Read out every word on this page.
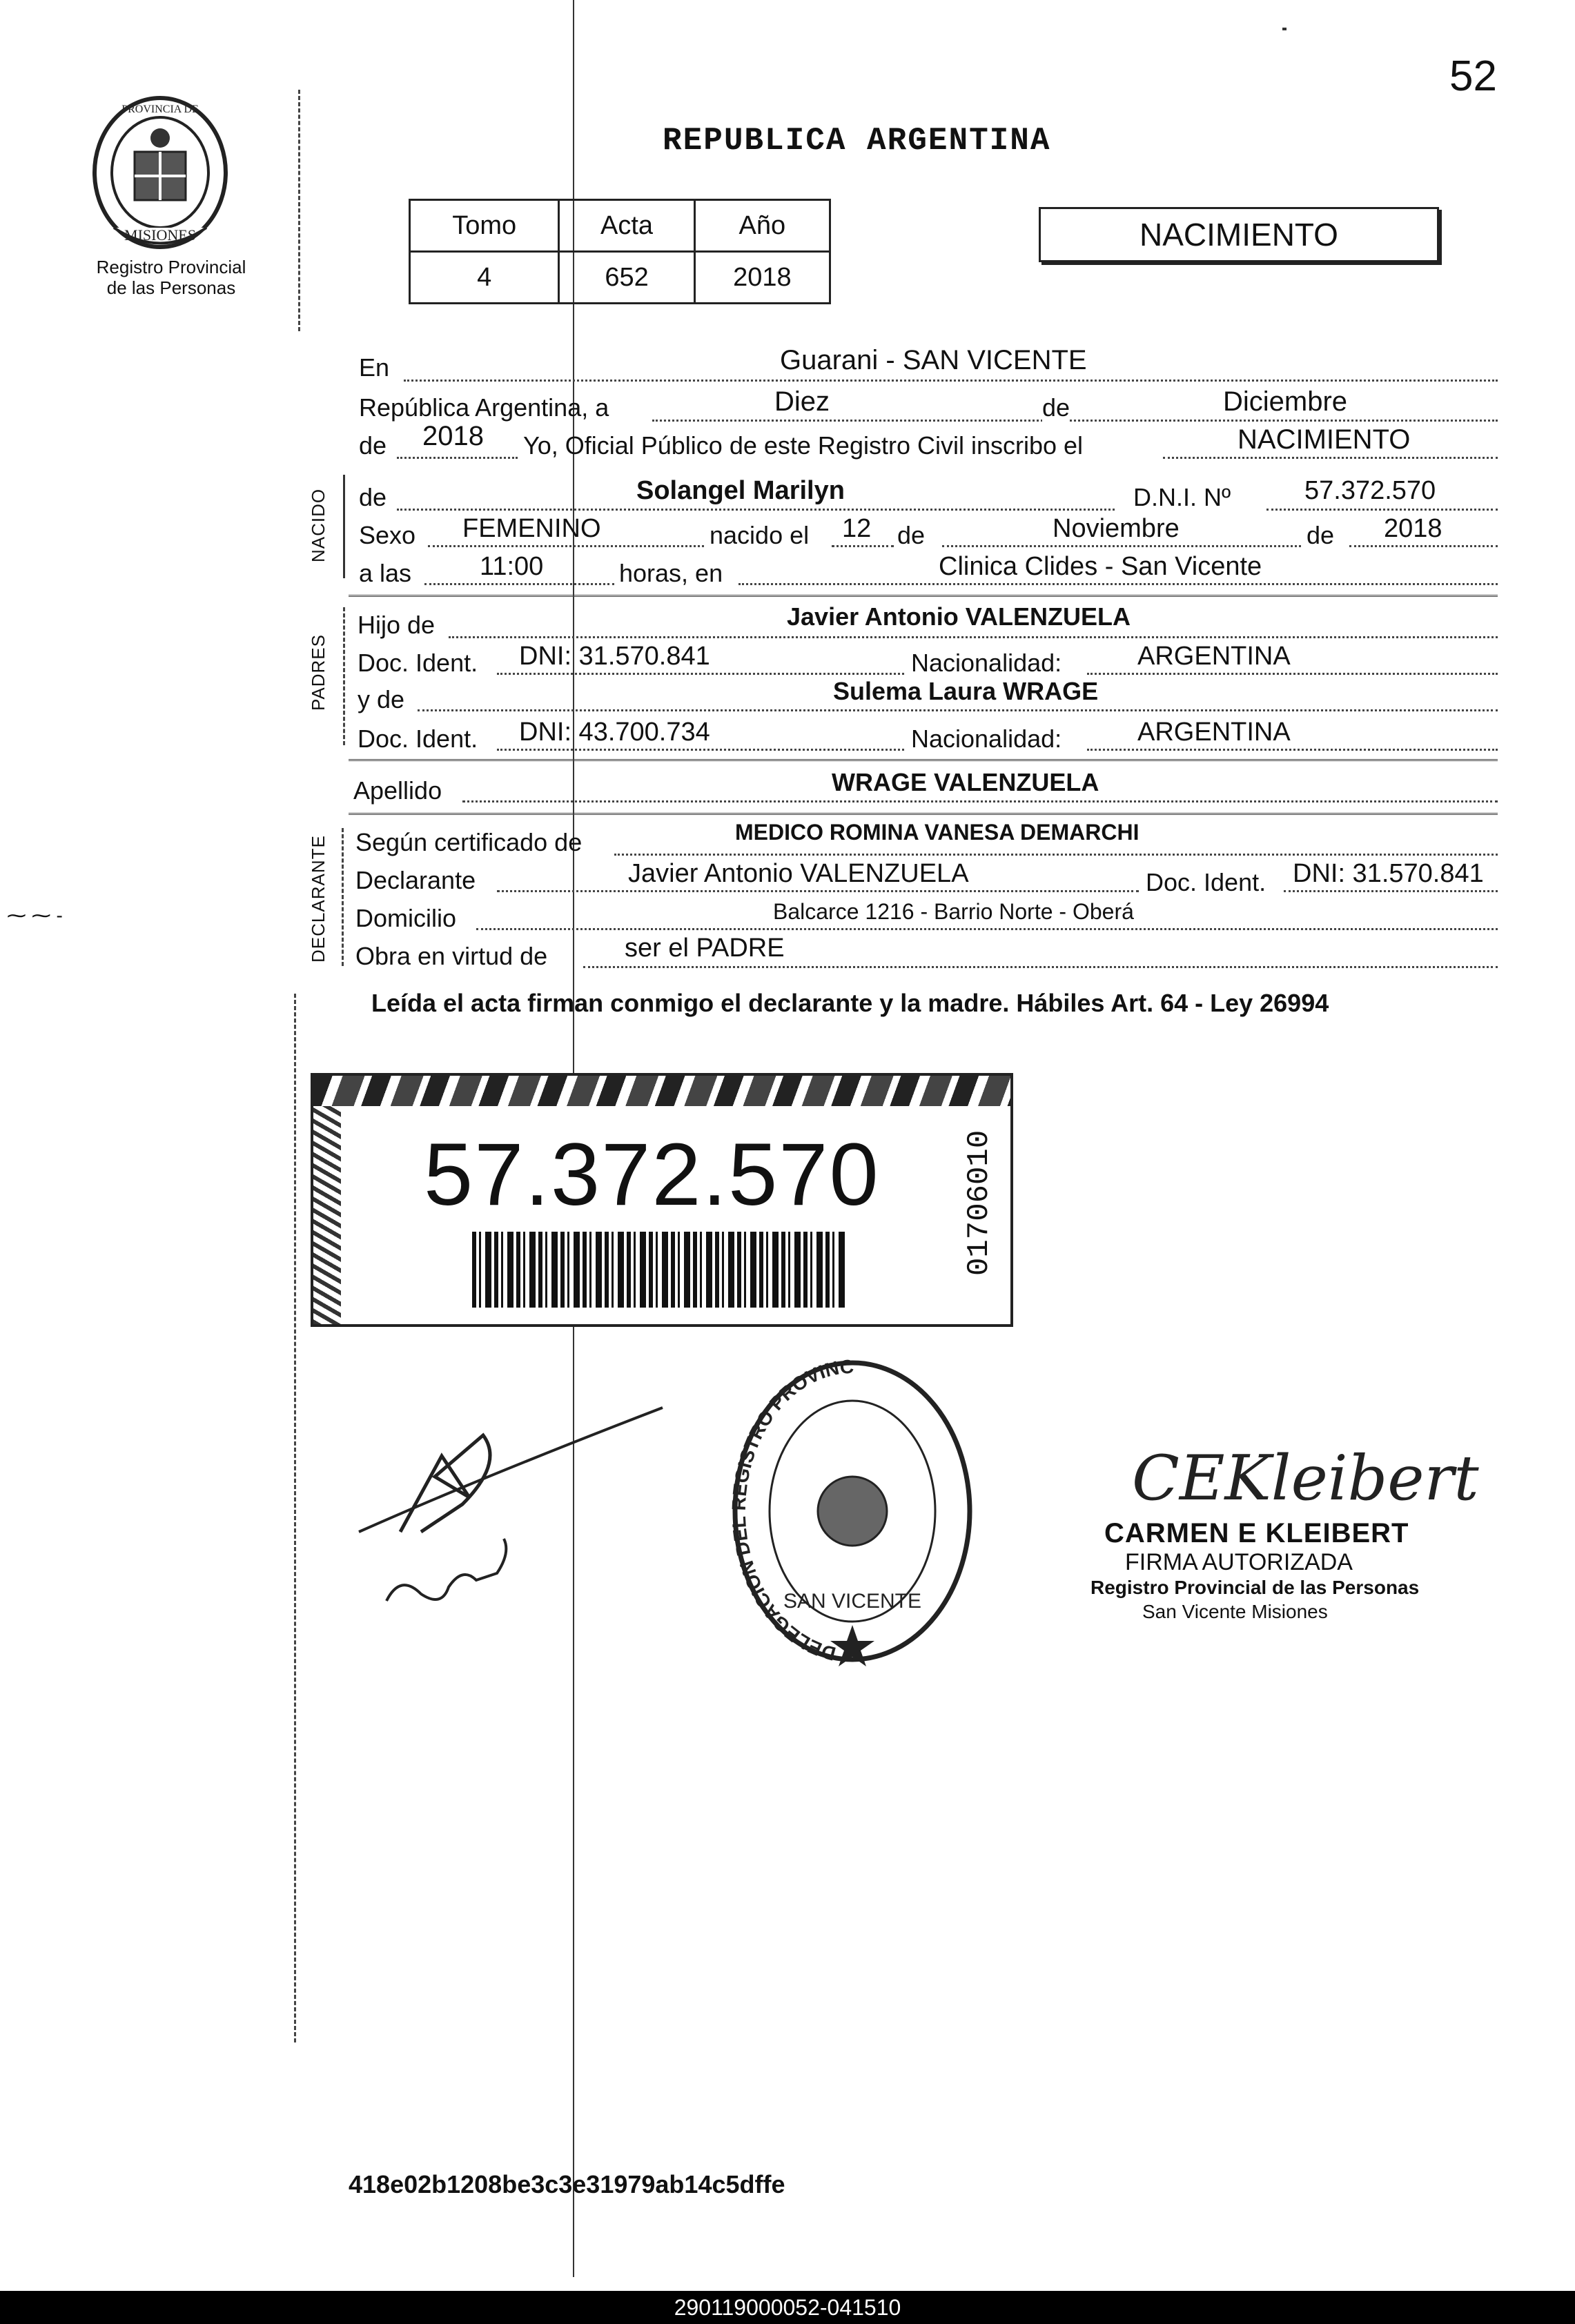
52
MISIONES
PROVINCIA DE
Registro Provincial
de las Personas
REPUBLICA ARGENTINA
Tomo	Acta	Año
4	652	2018
NACIMIENTO
En	Guarani - SAN VICENTE
República Argentina, a	Diez	de	Diciembre
de 2018 Yo, Oficial Público de este Registro Civil inscribo el	NACIMIENTO
NACIDO de	Solangel Marilyn	D.N.I. Nº	57.372.570
Sexo FEMENINO	nacido el 12 de	Noviembre	de 2018
a las	11:00	horas, en	Clinica Clides - San Vicente
PADRES
Hijo de	Javier Antonio VALENZUELA
Doc. Ident. DNI: 31.570.841	Nacionalidad:	ARGENTINA
y de	Sulema Laura WRAGE
Doc. Ident. DNI: 43.700.734	Nacionalidad:	ARGENTINA
Apellido	WRAGE VALENZUELA
DECLARANTE Según certificado de	MEDICO ROMINA VANESA DEMARCHI
Declarante	Javier Antonio VALENZUELA	Doc. Ident. DNI: 31.570.841
Domicilio	Balcarce 1216 - Barrio Norte - Oberá
Obra en virtud de	ser el PADRE
Leída el acta firman conmigo el declarante y la madre. Hábiles Art. 64 - Ley 26994
57.372.570	01706010
DELEGACION DEL REGISTRO PROVINC
SAN VICENTE
CEKleibert
CARMEN E KLEIBERT
FIRMA AUTORIZADA
Registro Provincial de las Personas
San Vicente Misiones
⁓ ⁓ -
418e02b1208be3c3e31979ab14c5dffe
290119000052-041510
